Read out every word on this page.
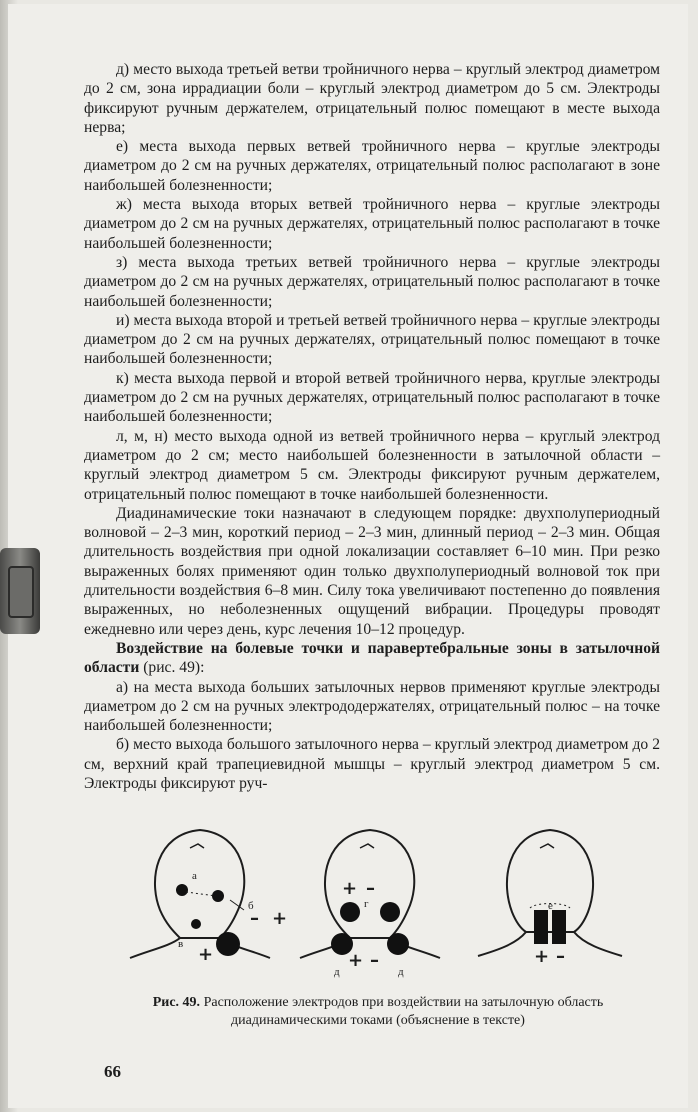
д) место выхода третьей ветви тройничного нерва – круглый электрод диаметром до 2 см, зона иррадиации боли – круглый электрод диаметром до 5 см. Электроды фиксируют ручным держателем, отрицательный полюс помещают в месте выхода нерва;

е) места выхода первых ветвей тройничного нерва – круглые электроды диаметром до 2 см на ручных держателях, отрицательный полюс располагают в зоне наибольшей болезненности;

ж) места выхода вторых ветвей тройничного нерва – круглые электроды диаметром до 2 см на ручных держателях, отрицательный полюс располагают в точке наибольшей болезненности;

з) места выхода третьих ветвей тройничного нерва – круглые электроды диаметром до 2 см на ручных держателях, отрицательный полюс располагают в точке наибольшей болезненности;

и) места выхода второй и третьей ветвей тройничного нерва – круглые электроды диаметром до 2 см на ручных держателях, отрицательный полюс помещают в точке наибольшей болезненности;

к) места выхода первой и второй ветвей тройничного нерва, круглые электроды диаметром до 2 см на ручных держателях, отрицательный полюс располагают в точке наибольшей болезненности;

л, м, н) место выхода одной из ветвей тройничного нерва – круглый электрод диаметром до 2 см; место наибольшей болезненности в затылочной области – круглый электрод диаметром 5 см. Электроды фиксируют ручным держателем, отрицательный полюс помещают в точке наибольшей болезненности.

Диадинамические токи назначают в следующем порядке: двухполупериодный волновой – 2–3 мин, короткий период – 2–3 мин, длинный период – 2–3 мин. Общая длительность воздействия при одной локализации составляет 6–10 мин. При резко выраженных болях применяют один только двухполупериодный волновой ток при длительности воздействия 6–8 мин. Силу тока увеличивают постепенно до появления выраженных, но неболезненных ощущений вибрации. Процедуры проводят ежедневно или через день, курс лечения 10–12 процедур.

Воздействие на болевые точки и паравертебральные зоны в затылочной области (рис. 49):

а) на места выхода больших затылочных нервов применяют круглые электроды диаметром до 2 см на ручных электрододержателях, отрицательный полюс – на точке наибольшей болезненности;

б) место выхода большого затылочного нерва – круглый электрод диаметром до 2 см, верхний край трапециевидной мышцы – круглый электрод диаметром 5 см. Электроды фиксируют руч-

а
б
в
– +
+
+ –
г
+ –
д	д
е
+ –
Рис. 49. Расположение электродов при воздействии на затылочную область диадинамическими токами (объяснение в тексте)
66
